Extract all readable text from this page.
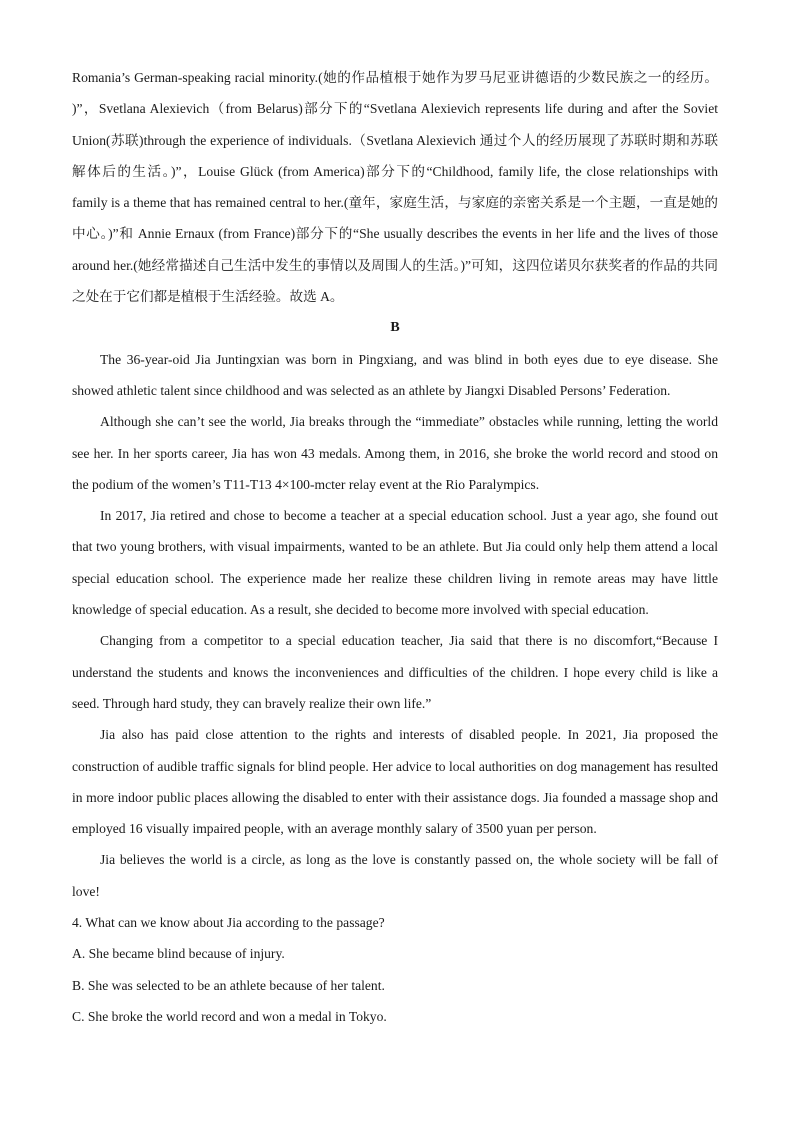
Romania’s German-speaking racial minority.(她的作品植根于她作为罗马尼亚讲德语的少数民族之一的经历。 )”，Svetlana Alexievich（from Belarus)部分下的“Svetlana Alexievich represents life during and after the Soviet Union(苏联)through the experience of individuals.（Svetlana Alexievich 通过个人的经历展现了苏联时期和苏联解体后的生活。)”，Louise Glück (from America)部分下的“Childhood, family life, the close relationships with family is a theme that has remained central to her.(童年，家庭生活，与家庭的亲密关系是一个主题，一直是她的中心。)”和 Annie Ernaux (from France)部分下的“She usually describes the events in her life and the lives of those around her.(她经常描述自己生活中发生的事情以及周围人的生活。)”可知，这四位诺贝尔获奖者的作品的共同之处在于它们都是植根于生活经验。故选 A。

B

The 36-year-oid Jia Juntingxian was born in Pingxiang, and was blind in both eyes due to eye disease. She showed athletic talent since childhood and was selected as an athlete by Jiangxi Disabled Persons’ Federation.

Although she can’t see the world, Jia breaks through the “immediate” obstacles while running, letting the world see her. In her sports career, Jia has won 43 medals. Among them, in 2016, she broke the world record and stood on the podium of the women’s T11-T13 4×100-mcter relay event at the Rio Paralympics.

In 2017, Jia retired and chose to become a teacher at a special education school. Just a year ago, she found out that two young brothers, with visual impairments, wanted to be an athlete. But Jia could only help them attend a local special education school. The experience made her realize these children living in remote areas may have little knowledge of special education. As a result, she decided to become more involved with special education.

Changing from a competitor to a special education teacher, Jia said that there is no discomfort,“Because I understand the students and knows the inconveniences and difficulties of the children. I hope every child is like a seed. Through hard study, they can bravely realize their own life.”

Jia also has paid close attention to the rights and interests of disabled people. In 2021, Jia proposed the construction of audible traffic signals for blind people. Her advice to local authorities on dog management has resulted in more indoor public places allowing the disabled to enter with their assistance dogs. Jia founded a massage shop and employed 16 visually impaired people, with an average monthly salary of 3500 yuan per person.

Jia believes the world is a circle, as long as the love is constantly passed on, the whole society will be fall of love!

4. What can we know about Jia according to the passage?

A. She became blind because of injury.

B. She was selected to be an athlete because of her talent.

C. She broke the world record and won a medal in Tokyo.
